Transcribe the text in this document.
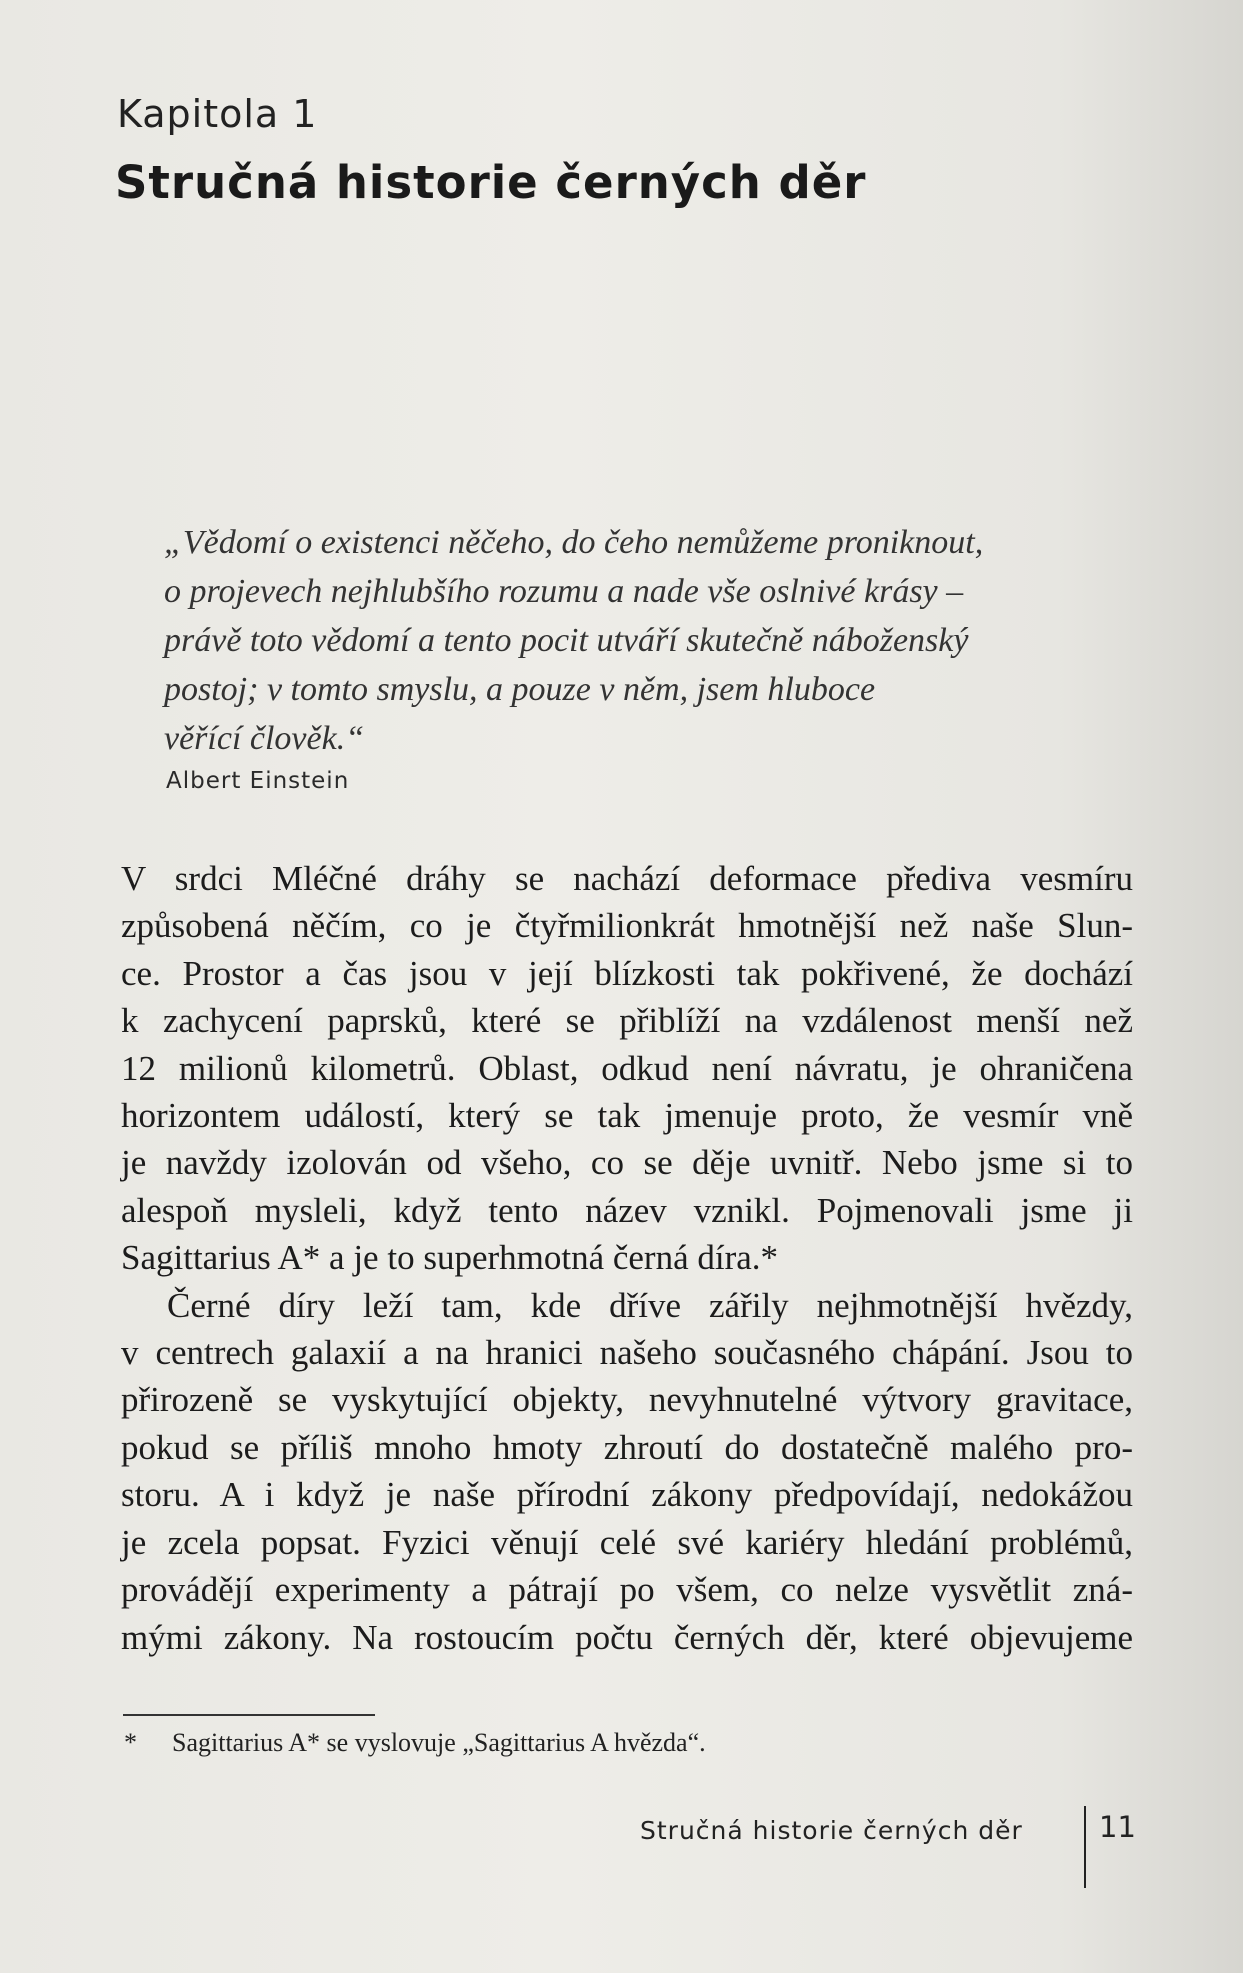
Kapitola 1
Stručná historie černých děr

„Vědomí o existenci něčeho, do čeho nemůžeme proniknout,

o projevech nejhlubšího rozumu a nade vše oslnivé krásy –

právě toto vědomí a tento pocit utváří skutečně náboženský

postoj; v tomto smyslu, a pouze v něm, jsem hluboce

věřící člověk.“

Albert Einstein
V srdci Mléčné dráhy se nachází deformace přediva vesmíru
způsobená něčím, co je čtyřmilionkrát hmotnější než naše Slun-
ce. Prostor a čas jsou v její blízkosti tak pokřivené, že dochází
k zachycení paprsků, které se přiblíží na vzdálenost menší než
12 milionů kilometrů. Oblast, odkud není návratu, je ohraničena
horizontem událostí, který se tak jmenuje proto, že vesmír vně
je navždy izolován od všeho, co se děje uvnitř. Nebo jsme si to
alespoň mysleli, když tento název vznikl. Pojmenovali jsme ji
Sagittarius A* a je to superhmotná černá díra.*
Černé díry leží tam, kde dříve zářily nejhmotnější hvězdy,
v centrech galaxií a na hranici našeho současného chápání. Jsou to
přirozeně se vyskytující objekty, nevyhnutelné výtvory gravitace,
pokud se příliš mnoho hmoty zhroutí do dostatečně malého pro-
storu. A i když je naše přírodní zákony předpovídají, nedokážou
je zcela popsat. Fyzici věnují celé své kariéry hledání problémů,
provádějí experimenty a pátrají po všem, co nelze vysvětlit zná-
mými zákony. Na rostoucím počtu černých děr, které objevujeme
* Sagittarius A* se vyslovuje „Sagittarius A hvězda“.
Stručná historie černých děr	11
